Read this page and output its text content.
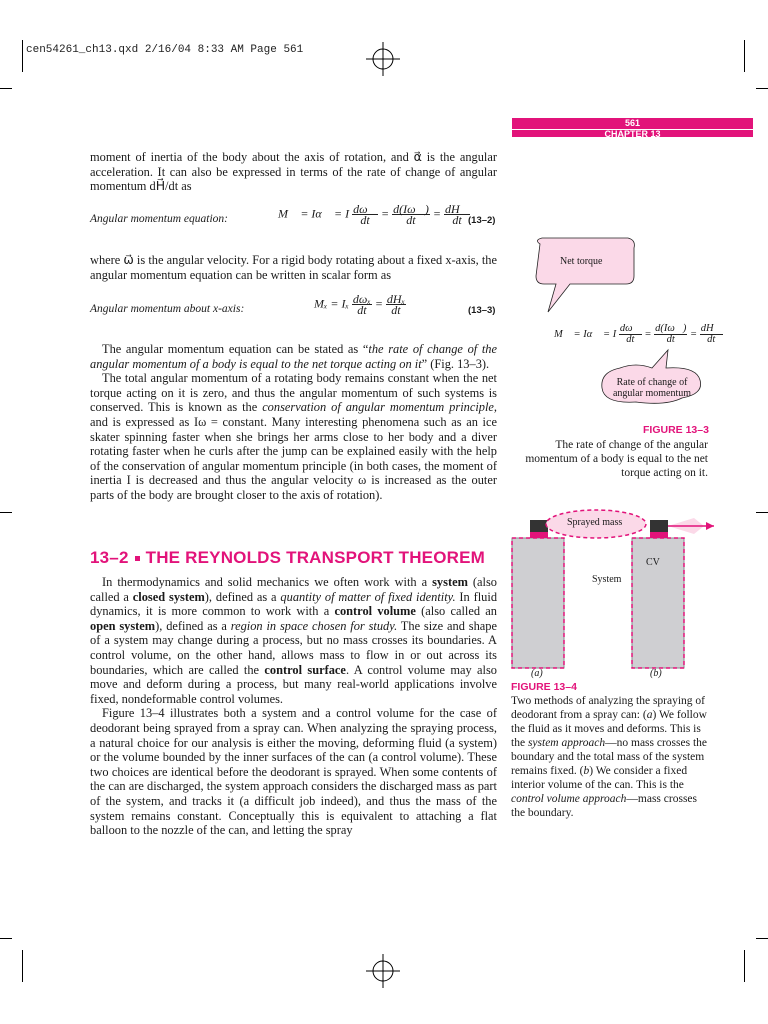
cen54261_ch13.qxd 2/16/04 8:33 AM Page 561
561
CHAPTER 13
moment of inertia of the body about the axis of rotation, and α⃗ is the angular acceleration. It can also be expressed in terms of the rate of change of angular momentum dH⃗/dt as
Angular momentum equation:	M⃗ = Iα⃗ = I $\frac{d\omega⃗}{dt} = \frac{d(I\omega⃗)}{dt} = \frac{dH⃗}{dt}$
(13–2)
where ω⃗ is the angular velocity. For a rigid body rotating about a fixed x-axis, the angular momentum equation can be written in scalar form as
Angular momentum about x-axis:	Mₓ = Iₓ $\frac{\text{dωₓ}}{dt} = \frac{\text{dHₓ}}{dt}$	(13–3)

The angular momentum equation can be stated as “the rate of change of the angular momentum of a body is equal to the net torque acting on it” (Fig. 13–3).

The total angular momentum of a rotating body remains constant when the net torque acting on it is zero, and thus the angular momentum of such systems is conserved. This is known as the conservation of angular momentum principle, and is expressed as Iω = constant. Many interesting phenomena such as an ice skater spinning faster when she brings her arms close to her body and a diver rotating faster when he curls after the jump can be explained easily with the help of the conservation of angular momentum principle (in both cases, the moment of inertia I is decreased and thus the angular velocity ω is increased as the outer parts of the body are brought closer to the axis of rotation).

13–2 THE REYNOLDS TRANSPORT THEOREM

In thermodynamics and solid mechanics we often work with a system (also called a closed system), defined as a quantity of matter of fixed identity. In fluid dynamics, it is more common to work with a control volume (also called an open system), defined as a region in space chosen for study. The size and shape of a system may change during a process, but no mass crosses its boundaries. A control volume, on the other hand, allows mass to flow in or out across its boundaries, which are called the control surface. A control volume may also move and deform during a process, but many real-world applications involve fixed, nondeformable control volumes.

Figure 13–4 illustrates both a system and a control volume for the case of deodorant being sprayed from a spray can. When analyzing the spraying process, a natural choice for our analysis is either the moving, deforming fluid (a system) or the volume bounded by the inner surfaces of the can (a control volume). These two choices are identical before the deodorant is sprayed. When some contents of the can are discharged, the system approach considers the discharged mass as part of the system, and tracks it (a difficult job indeed), and thus the mass of the system remains constant. Conceptually this is equivalent to attaching a flat balloon to the nozzle of the can, and letting the spray

Net torque
M⃗ = Iα⃗ = I $\frac{d\omega⃗}{dt} = \frac{d(I\omega⃗)}{dt} = \frac{dH⃗}{dt}$
Rate of change of angular momentum
FIGURE 13–3
The rate of change of the angular momentum of a body is equal to the net torque acting on it.
Sprayed mass
System
CV
(a)	(b)
FIGURE 13–4
Two methods of analyzing the spraying of deodorant from a spray can: (a) We follow the fluid as it moves and deforms. This is the system approach—no mass crosses the boundary and the total mass of the system remains fixed. (b) We consider a fixed interior volume of the can. This is the control volume approach—mass crosses the boundary.
